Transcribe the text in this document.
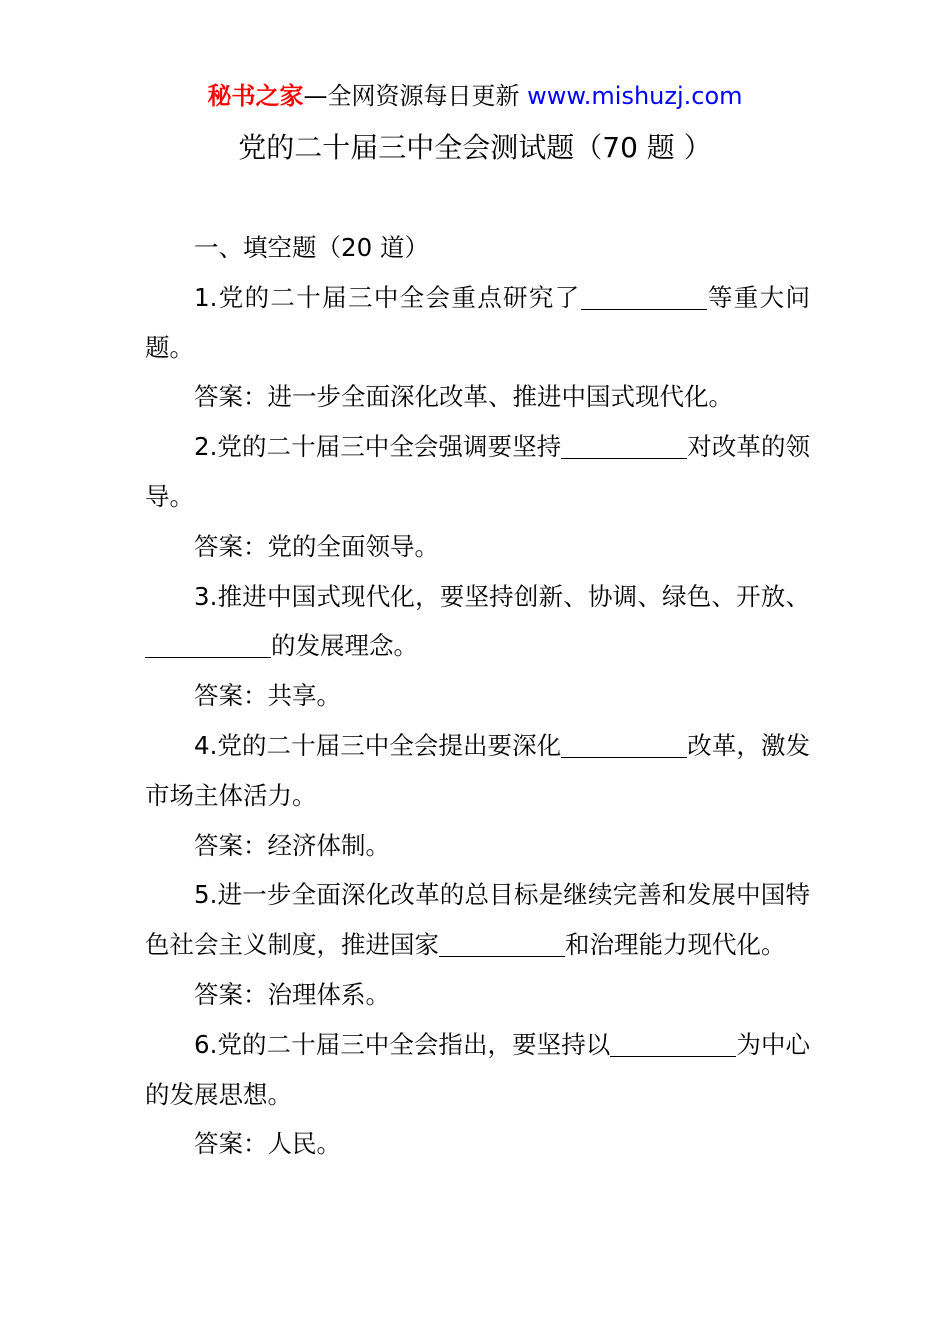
秘书之家—全网资源每日更新 www.mishuzj.com
党的二十届三中全会测试题（70 题 ）

一、填空题（20 道）

1.党的二十届三中全会重点研究了	等重大问题。

答案：进一步全面深化改革、推进中国式现代化。

2.党的二十届三中全会强调要坚持	对改革的领导。

答案：党的全面领导。

3.推进中国式现代化，要坚持创新、协调、绿色、开放、的发展理念。

答案：共享。

4.党的二十届三中全会提出要深化	改革，激发市场主体活力。

答案：经济体制。

5.进一步全面深化改革的总目标是继续完善和发展中国特色社会主义制度，推进国家	和治理能力现代化。

答案：治理体系。

6.党的二十届三中全会指出，要坚持以	为中心的发展思想。

答案：人民。
